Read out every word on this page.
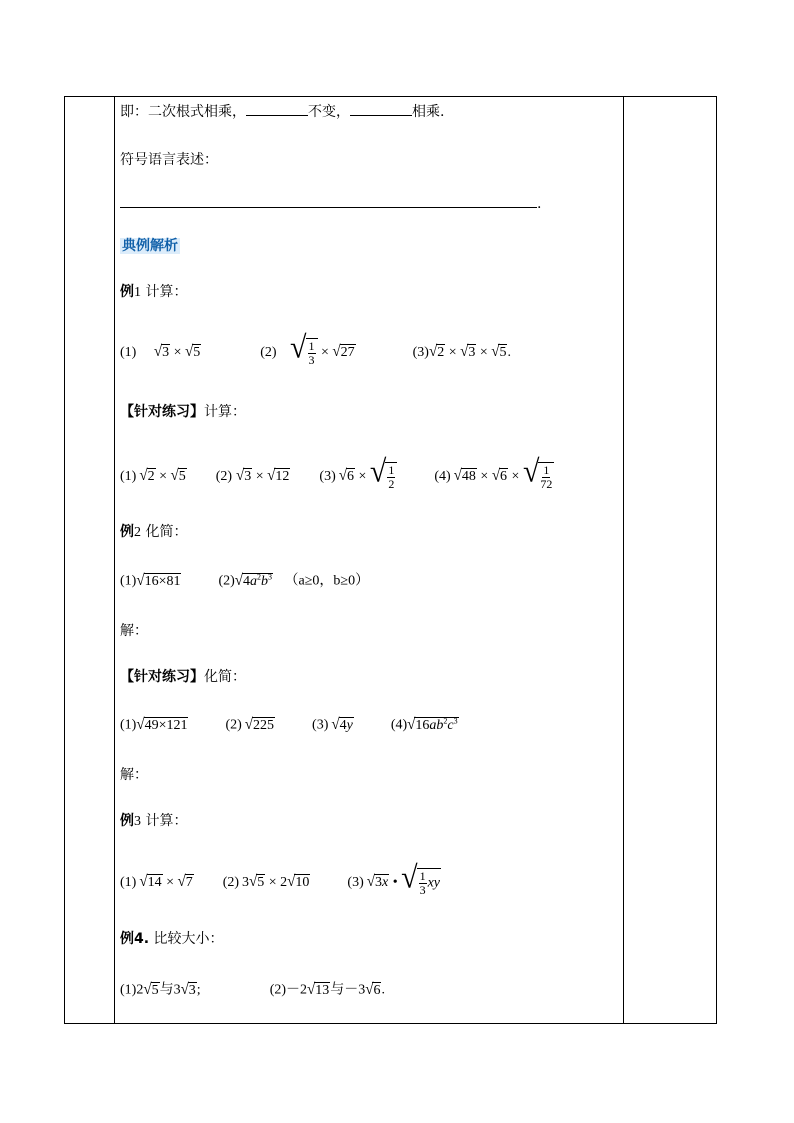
即：二次根式相乘，	不变，	相乘.
符号语言表述：
.
典例解析
例1 计算：
(1) √3 × √5	(2) √ $\frac{1}{3} \times √27$	(3)√2 × √3 × √5.
【针对练习】计算：
(1) √2 × √5 (2) √3 × √12 (3) √6 × √ $\frac{1}{2}$	(4) √48 × √6 × √ $\frac{1}{72}$
例2 化简：
(1)√16×81	$(2)√4a^2b^3$ （a≥0，b≥0）
解：
【针对练习】化简：
(1)√49×121	(2) √225	(3) √4y	$(4)√16ab^2c^3$
解：
例3 计算：
(1) √14 × √7 (2) 3√5 × 2√10	(3) √3x • √ $\frac{1}{3}$ xy
例4. 比较大小：
(1)2√5与3√3;	(2)－2√13与－3√6.
